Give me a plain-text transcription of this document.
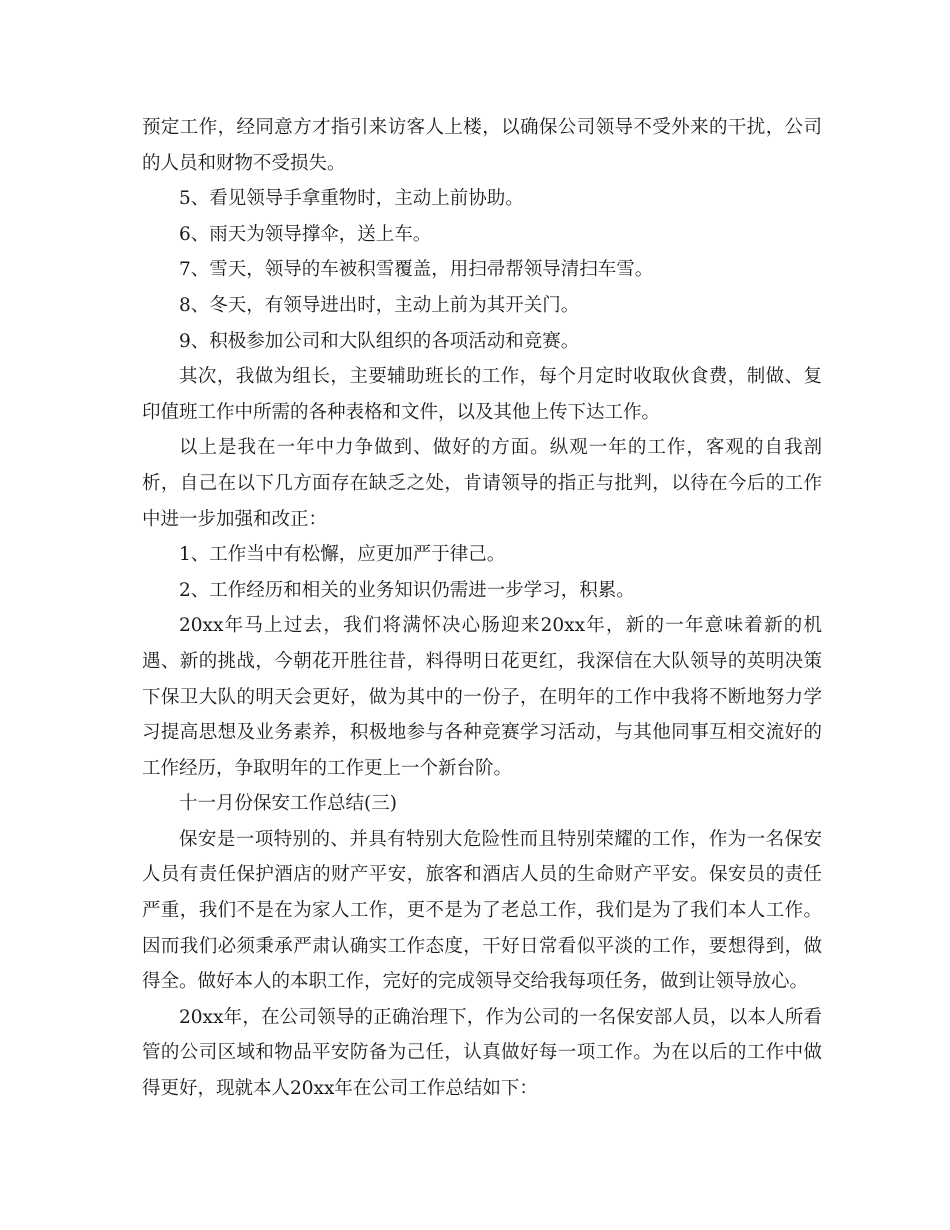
预定工作，经同意方才指引来访客人上楼，以确保公司领导不受外来的干扰，公司的人员和财物不受损失。

5、看见领导手拿重物时，主动上前协助。

6、雨天为领导撑伞，送上车。

7、雪天，领导的车被积雪覆盖，用扫帚帮领导清扫车雪。

8、冬天，有领导进出时，主动上前为其开关门。

9、积极参加公司和大队组织的各项活动和竞赛。

其次，我做为组长，主要辅助班长的工作，每个月定时收取伙食费，制做、复印值班工作中所需的各种表格和文件，以及其他上传下达工作。

以上是我在一年中力争做到、做好的方面。纵观一年的工作，客观的自我剖析，自己在以下几方面存在缺乏之处，肯请领导的指正与批判，以待在今后的工作中进一步加强和改正：

1、工作当中有松懈，应更加严于律己。

2、工作经历和相关的业务知识仍需进一步学习，积累。

20xx年马上过去，我们将满怀决心肠迎来20xx年，新的一年意味着新的机遇、新的挑战，今朝花开胜往昔，料得明日花更红，我深信在大队领导的英明决策下保卫大队的明天会更好，做为其中的一份子，在明年的工作中我将不断地努力学习提高思想及业务素养，积极地参与各种竞赛学习活动，与其他同事互相交流好的工作经历，争取明年的工作更上一个新台阶。

十一月份保安工作总结(三)

保安是一项特别的、并具有特别大危险性而且特别荣耀的工作，作为一名保安人员有责任保护酒店的财产平安，旅客和酒店人员的生命财产平安。保安员的责任严重，我们不是在为家人工作，更不是为了老总工作，我们是为了我们本人工作。因而我们必须秉承严肃认确实工作态度，干好日常看似平淡的工作，要想得到，做得全。做好本人的本职工作，完好的完成领导交给我每项任务，做到让领导放心。

20xx年，在公司领导的正确治理下，作为公司的一名保安部人员，以本人所看管的公司区域和物品平安防备为己任，认真做好每一项工作。为在以后的工作中做得更好，现就本人20xx年在公司工作总结如下：
